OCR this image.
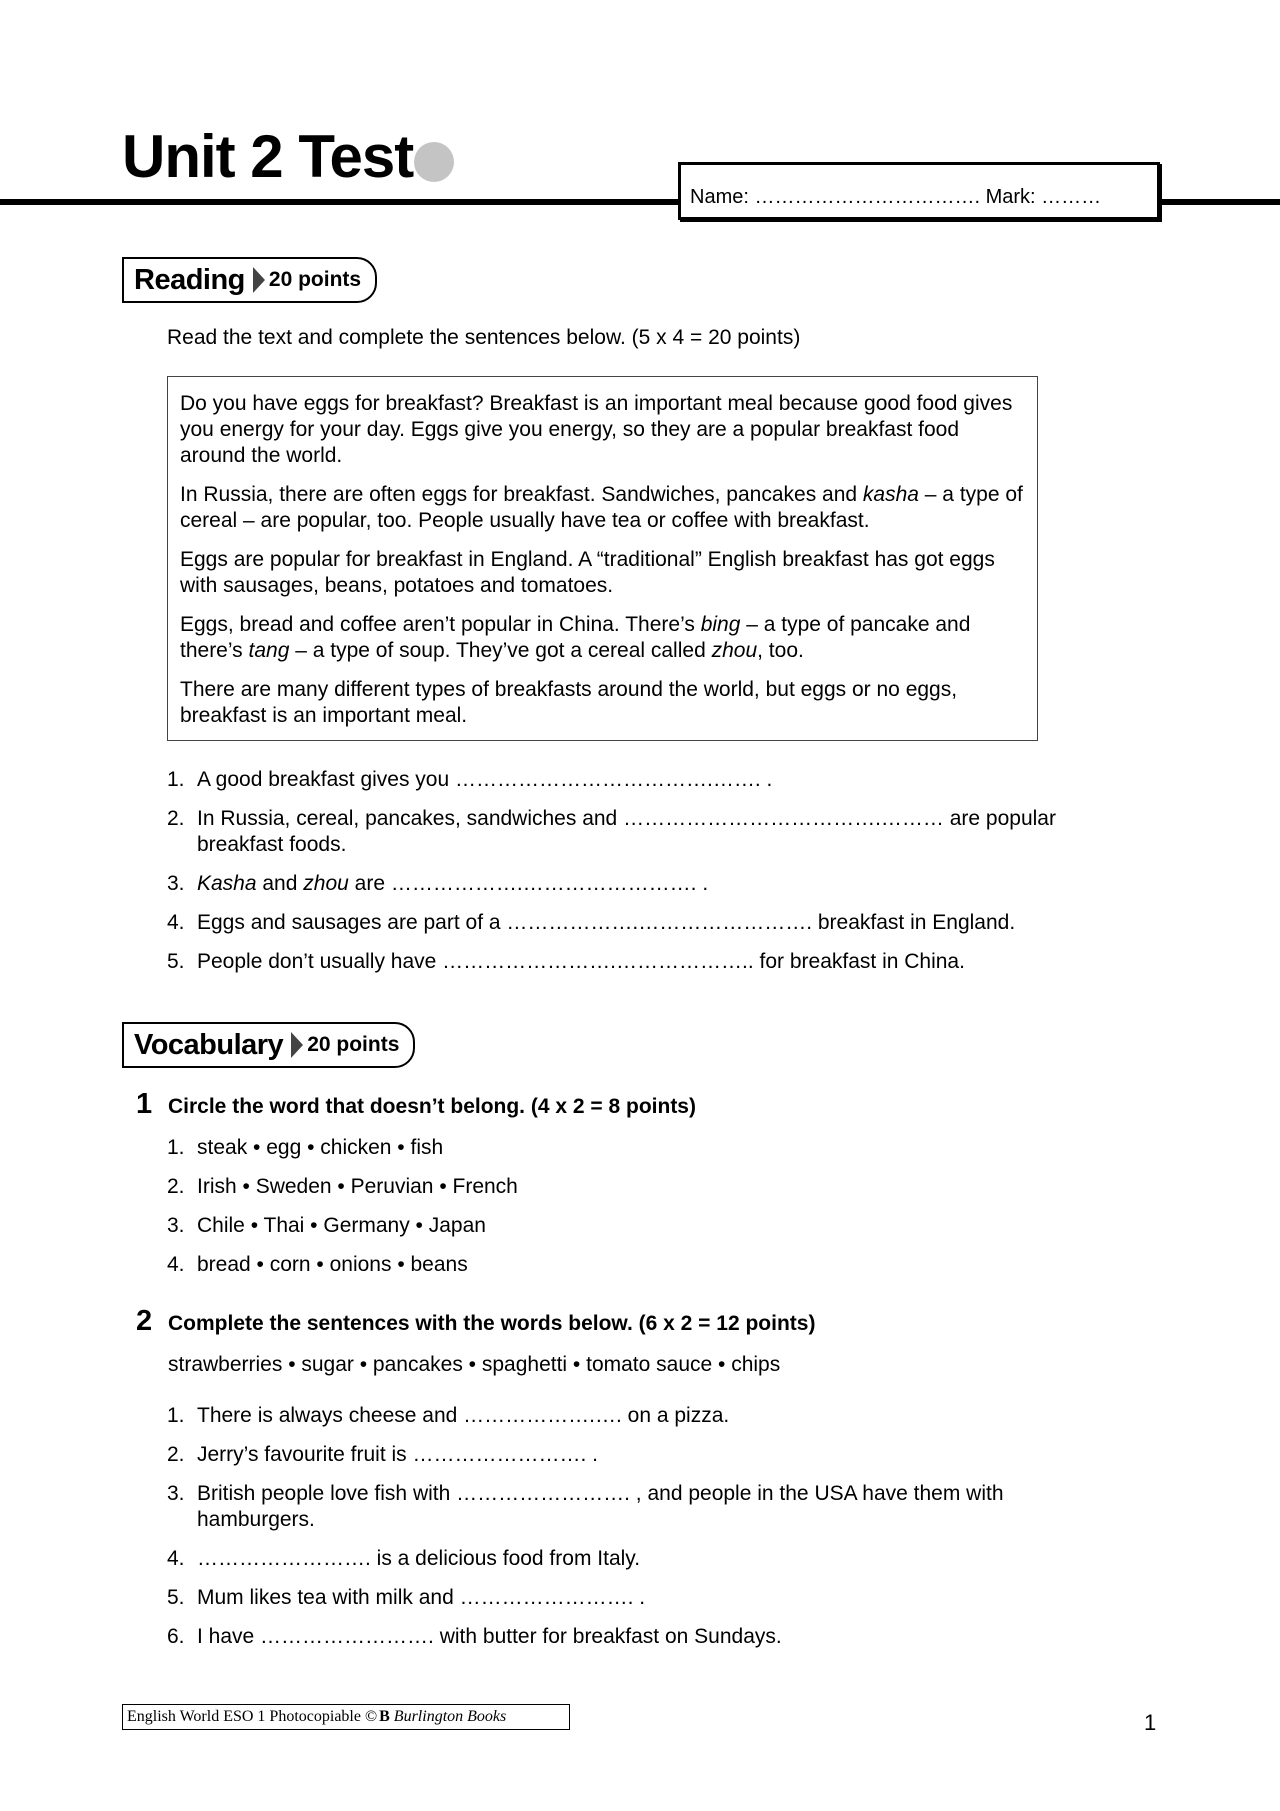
Unit 2 Test
Name: ……………………………. Mark: ………
Reading 20 points
Read the text and complete the sentences below. (5 x 4 = 20 points)

Do you have eggs for breakfast? Breakfast is an important meal because good food gives you energy for your day. Eggs give you energy, so they are a popular breakfast food around the world.

In Russia, there are often eggs for breakfast. Sandwiches, pancakes and kasha – a type of cereal – are popular, too. People usually have tea or coffee with breakfast.

Eggs are popular for breakfast in England. A “traditional” English breakfast has got eggs with sausages, beans, potatoes and tomatoes.

Eggs, bread and coffee aren’t popular in China. There’s bing – a type of pancake and there’s tang – a type of soup. They’ve got a cereal called zhou, too.

There are many different types of breakfasts around the world, but eggs or no eggs, breakfast is an important meal.

1. A good breakfast gives you ……………………………….……. .
2. In Russia, cereal, pancakes, sandwiches and ……………………………….……… are popular breakfast foods.
3. Kasha and zhou are ……………….……………………. .
4. Eggs and sausages are part of a ……………….……………………. breakfast in England.
5. People don’t usually have …………………….……………….. for breakfast in China.
Vocabulary 20 points
1 Circle the word that doesn’t belong. (4 x 2 = 8 points)
1. steak • egg • chicken • fish
2. Irish • Sweden • Peruvian • French
3. Chile • Thai • Germany • Japan
4. bread • corn • onions • beans
2 Complete the sentences with the words below. (6 x 2 = 12 points)
strawberries • sugar • pancakes • spaghetti • tomato sauce • chips
1. There is always cheese and ……………….…. on a pizza.
2. Jerry’s favourite fruit is ……………………. .
3. British people love fish with ……………………. , and people in the USA have them with hamburgers.
4. ……………………. is a delicious food from Italy.
5. Mum likes tea with milk and ……………………. .
6. I have ……………………. with butter for breakfast on Sundays.
English World ESO 1 Photocopiable © B Burlington Books	1
